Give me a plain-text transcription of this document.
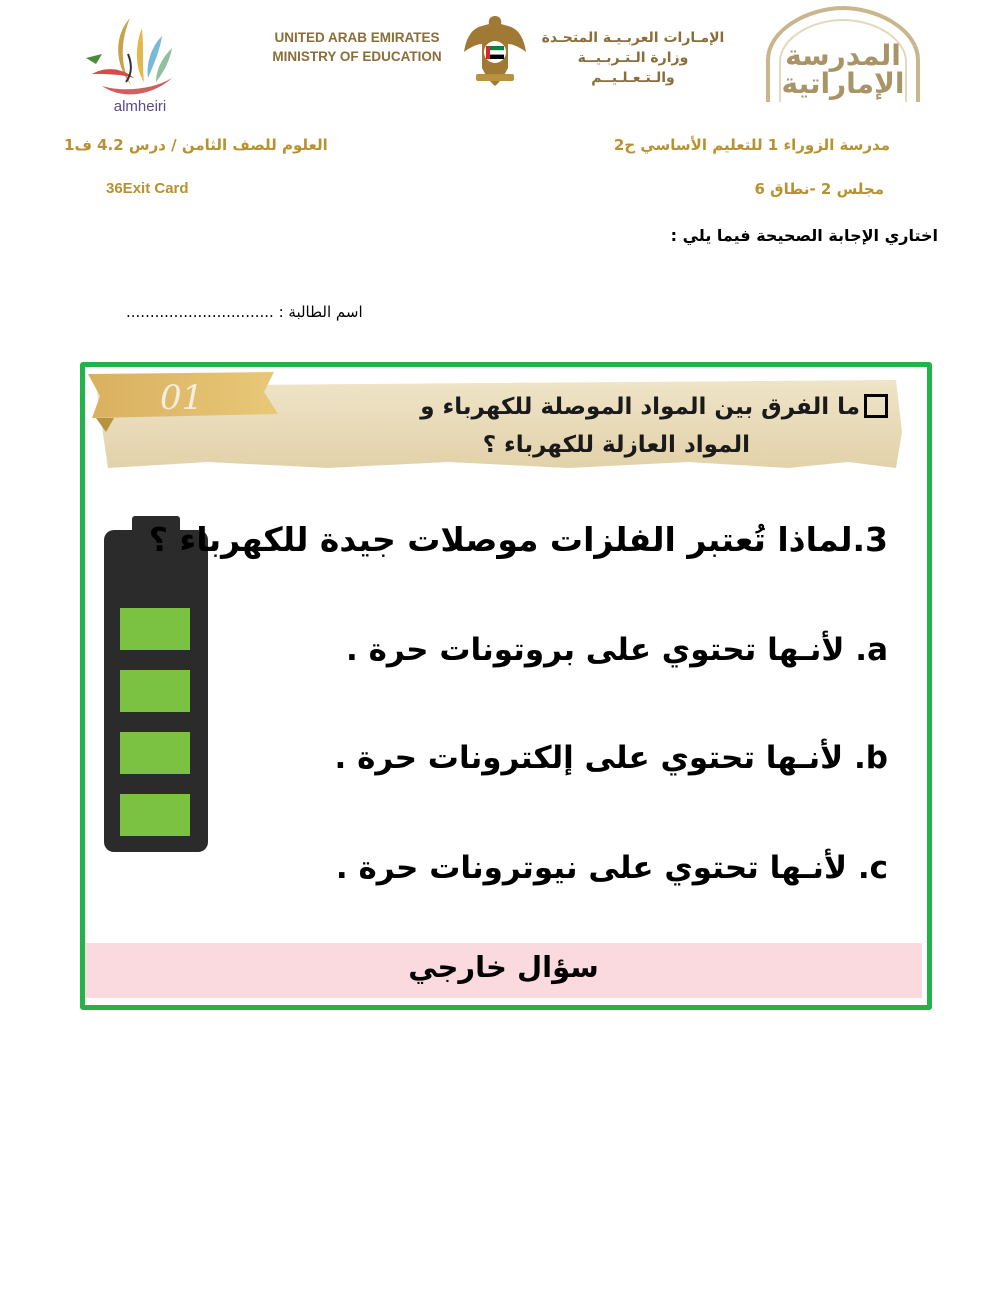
almheiri
UNITED ARAB EMIRATES
MINISTRY OF EDUCATION
الإمـارات العربـيـة المتحـدة
وزارة الـتـربـيــة والـتـعـلـيــم
المدرسة
الإماراتية
مدرسة الزوراء 1 للتعليم الأساسي ح2
العلوم للصف الثامن / درس 4.2 ف1
مجلس 2 -نطاق 6
36Exit Card
اختاري الإجابة الصحيحة فيما يلي :
اسم الطالبة : ...............................
01	ما الفرق بين المواد الموصلة للكهرباء و
المواد العازلة للكهرباء ؟
3.لماذا تُعتبر الفلزات موصلات جيدة للكهرباء ؟
a. لأنـها تحتوي على بروتونات حرة .
b. لأنـها تحتوي على إلكترونات حرة .
c. لأنـها تحتوي على نيوترونات حرة .
سؤال خارجي
